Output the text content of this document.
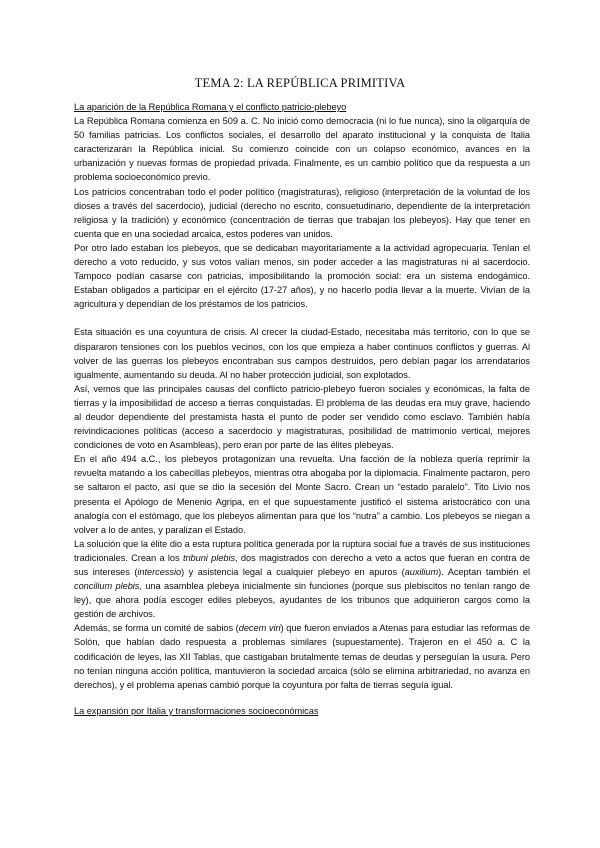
TEMA 2: LA REPÚBLICA PRIMITIVA

La aparición de la República Romana y el conflicto patricio-plebeyo

La República Romana comienza en 509 a. C. No inició como democracia (ni lo fue nunca), sino la oligarquía de 50 familias patricias. Los conflictos sociales, el desarrollo del aparato institucional y la conquista de Italia caracterizarán la República inicial. Su comienzo coincide con un colapso económico, avances en la urbanización y nuevas formas de propiedad privada. Finalmente, es un cambio político que da respuesta a un problema socioeconómico previo.

Los patricios concentraban todo el poder político (magistraturas), religioso (interpretación de la voluntad de los dioses a través del sacerdocio), judicial (derecho no escrito, consuetudinario, dependiente de la interpretación religiosa y la tradición) y económico (concentración de tierras que trabajan los plebeyos). Hay que tener en cuenta que en una sociedad arcaica, estos poderes van unidos.

Por otro lado estaban los plebeyos, que se dedicaban mayoritariamente a la actividad agropecuaria. Tenían el derecho a voto reducido, y sus votos valían menos, sin poder acceder a las magistraturas ni al sacerdocio. Tampoco podían casarse con patricias, imposibilitando la promoción social: era un sistema endogámico. Estaban obligados a participar en el ejército (17-27 años), y no hacerlo podía llevar a la muerte. Vivían de la agricultura y dependían de los préstamos de los patricios.

Esta situación es una coyuntura de crisis. Al crecer la ciudad-Estado, necesitaba más territorio, con lo que se dispararon tensiones con los pueblos vecinos, con los que empieza a haber continuos conflictos y guerras. Al volver de las guerras los plebeyos encontraban sus campos destruidos, pero debían pagar los arrendatarios igualmente, aumentando su deuda. Al no haber protección judicial, son explotados.

Así, vemos que las principales causas del conflicto patricio-plebeyo fueron sociales y económicas, la falta de tierras y la imposibilidad de acceso a tierras conquistadas. El problema de las deudas era muy grave, haciendo al deudor dependiente del prestamista hasta el punto de poder ser vendido como esclavo. También había reivindicaciones políticas (acceso a sacerdocio y magistraturas, posibilidad de matrimonio vertical, mejores condiciones de voto en Asambleas), pero eran por parte de las élites plebeyas.

En el año 494 a.C., los plebeyos protagonizan una revuelta. Una facción de la nobleza quería reprimir la revuelta matando a los cabecillas plebeyos, mientras otra abogaba por la diplomacia. Finalmente pactaron, pero se saltaron el pacto, así que se dio la secesión del Monte Sacro. Crean un “estado paralelo”. Tito Livio nos presenta el Apólogo de Menenio Agripa, en el que supuestamente justificó el sistema aristocrático con una analogía con el estómago, que los plebeyos alimentan para que los “nutra” a cambio. Los plebeyos se niegan a volver a lo de antes, y paralizan el Estado.

La solución que la élite dio a esta ruptura política generada por la ruptura social fue a través de sus instituciones tradicionales. Crean a los tribuni plebis, dos magistrados con derecho a veto a actos que fueran en contra de sus intereses (intercessio) y asistencia legal a cualquier plebeyo en apuros (auxilium). Aceptan también el concilium plebis, una asamblea plebeya inicialmente sin funciones (porque sus plebiscitos no tenían rango de ley), que ahora podía escoger ediles plebeyos, ayudantes de los tribunos que adquirieron cargos como la gestión de archivos.

Además, se forma un comité de sabios (decem viri) que fueron enviados a Atenas para estudiar las reformas de Solón, que habían dado respuesta a problemas similares (supuestamente). Trajeron en el 450 a. C la codificación de leyes, las XII Tablas, que castigaban brutalmente temas de deudas y perseguían la usura. Pero no tenían ninguna acción política, mantuvieron la sociedad arcaica (sólo se elimina arbitrariedad, no avanza en derechos), y el problema apenas cambió porque la coyuntura por falta de tierras seguía igual.

La expansión por Italia y transformaciones socioeconómicas
